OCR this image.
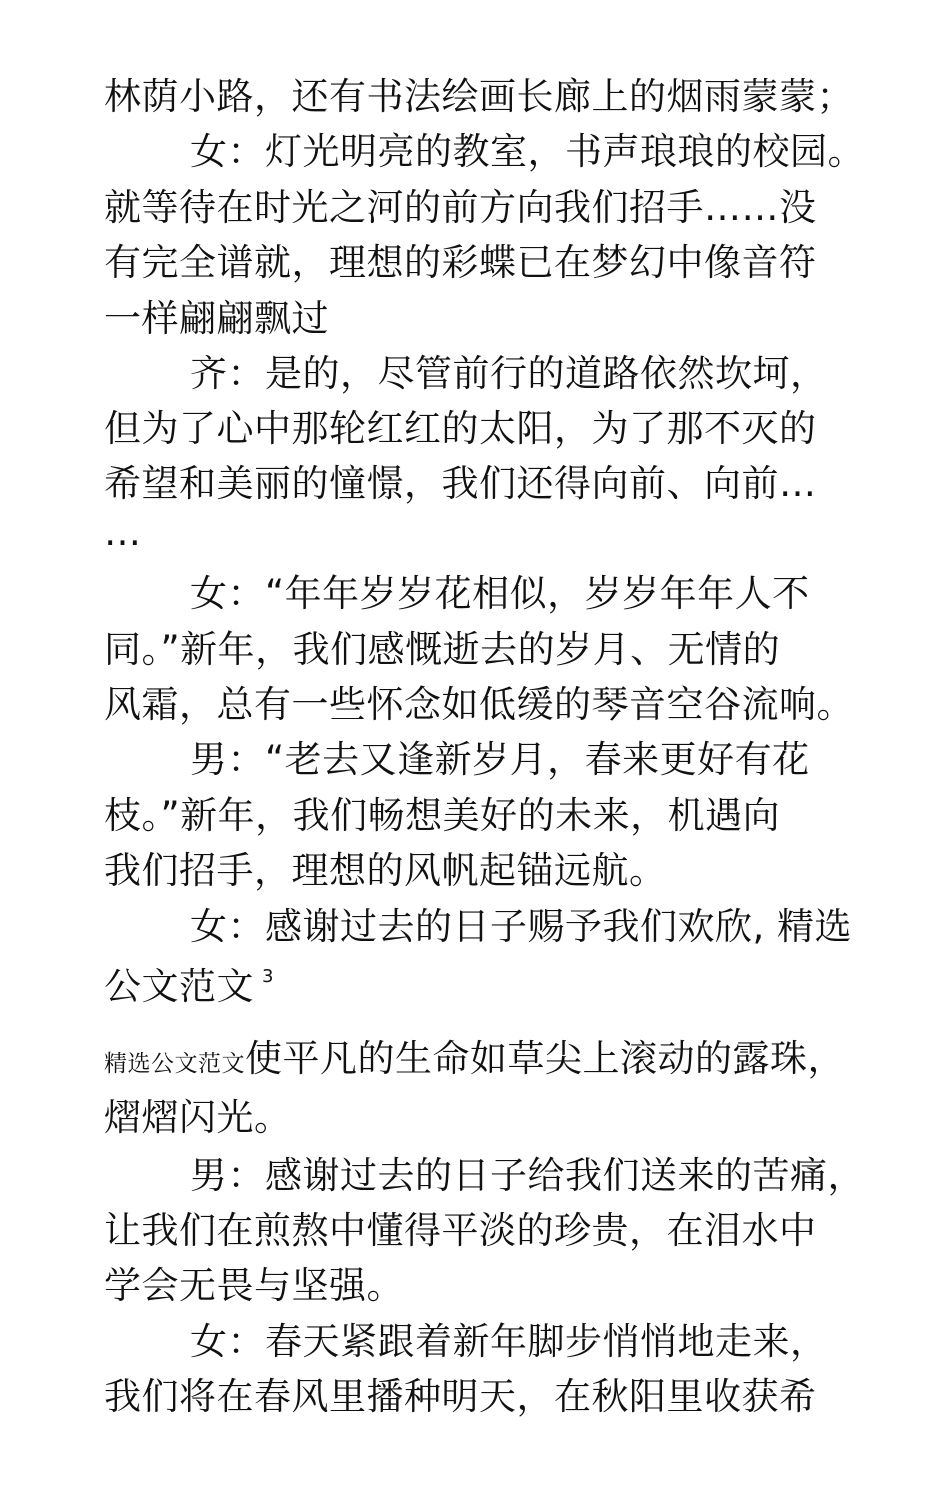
林荫小路，还有书法绘画长廊上的烟雨蒙蒙；
女：灯光明亮的教室，书声琅琅的校园。
就等待在时光之河的前方向我们招手……没
有完全谱就，理想的彩蝶已在梦幻中像音符
一样翩翩飘过
齐：是的，尽管前行的道路依然坎坷，
但为了心中那轮红红的太阳，为了那不灭的
希望和美丽的憧憬，我们还得向前、向前…
…
女：“年年岁岁花相似，岁岁年年人不
同。”新年，我们感慨逝去的岁月、无情的
风霜，总有一些怀念如低缓的琴音空谷流响。
男：“老去又逢新岁月，春来更好有花
枝。”新年，我们畅想美好的未来，机遇向
我们招手，理想的风帆起锚远航。
女：感谢过去的日子赐予我们欢欣, 精选
公文范文 $^3$
精选公文范文使平凡的生命如草尖上滚动的露珠，
熠熠闪光。
男：感谢过去的日子给我们送来的苦痛，
让我们在煎熬中懂得平淡的珍贵，在泪水中
学会无畏与坚强。
女：春天紧跟着新年脚步悄悄地走来，
我们将在春风里播种明天，在秋阳里收获希
